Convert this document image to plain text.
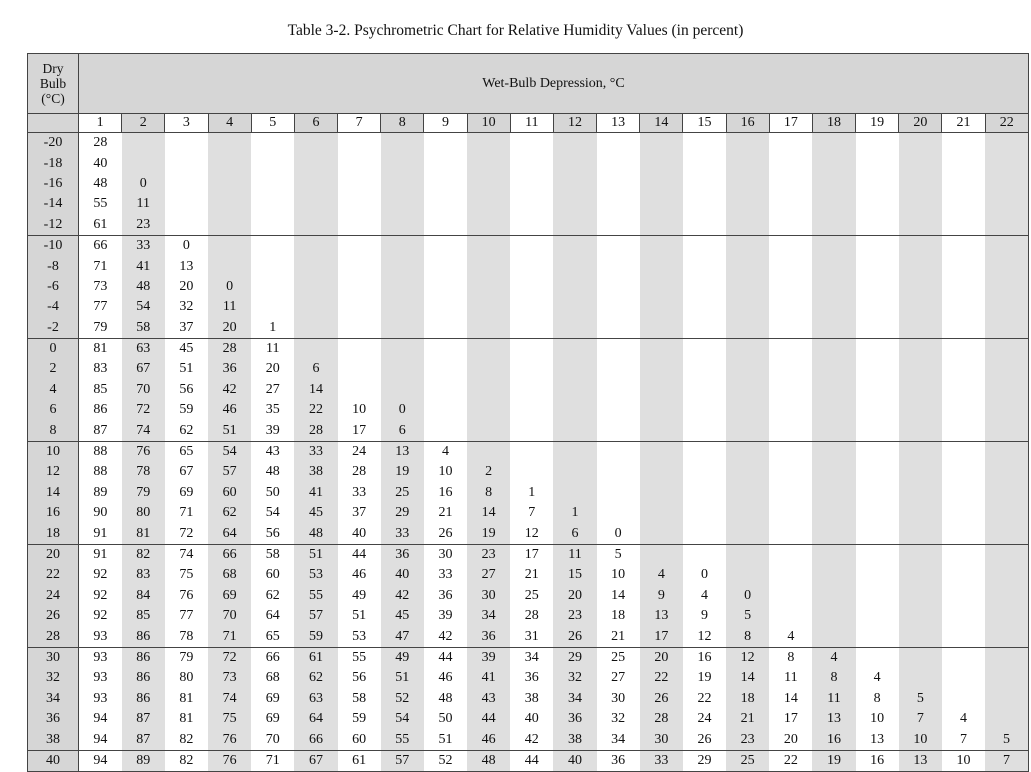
Table 3-2. Psychrometric Chart for Relative Humidity Values (in percent)
Dry
Bulb
(°C)	Wet-Bulb Depression, °C																					
	1	2	3	4	5	6	7	8	9	10	11	12	13	14	15	16	17	18	19	20	21	22
-20	28																					
-18	40																					
-16	48	0																				
-14	55	11																				
-12	61	23																				
-10	66	33	0																			
-8	71	41	13																			
-6	73	48	20	0																		
-4	77	54	32	11																		
-2	79	58	37	20	1																	
0	81	63	45	28	11																	
2	83	67	51	36	20	6																
4	85	70	56	42	27	14																
6	86	72	59	46	35	22	10	0														
8	87	74	62	51	39	28	17	6														
10	88	76	65	54	43	33	24	13	4													
12	88	78	67	57	48	38	28	19	10	2												
14	89	79	69	60	50	41	33	25	16	8	1											
16	90	80	71	62	54	45	37	29	21	14	7	1										
18	91	81	72	64	56	48	40	33	26	19	12	6	0									
20	91	82	74	66	58	51	44	36	30	23	17	11	5									
22	92	83	75	68	60	53	46	40	33	27	21	15	10	4	0							
24	92	84	76	69	62	55	49	42	36	30	25	20	14	9	4	0						
26	92	85	77	70	64	57	51	45	39	34	28	23	18	13	9	5						
28	93	86	78	71	65	59	53	47	42	36	31	26	21	17	12	8	4					
30	93	86	79	72	66	61	55	49	44	39	34	29	25	20	16	12	8	4				
32	93	86	80	73	68	62	56	51	46	41	36	32	27	22	19	14	11	8	4			
34	93	86	81	74	69	63	58	52	48	43	38	34	30	26	22	18	14	11	8	5		
36	94	87	81	75	69	64	59	54	50	44	40	36	32	28	24	21	17	13	10	7	4	
38	94	87	82	76	70	66	60	55	51	46	42	38	34	30	26	23	20	16	13	10	7	5
40	94	89	82	76	71	67	61	57	52	48	44	40	36	33	29	25	22	19	16	13	10	7
